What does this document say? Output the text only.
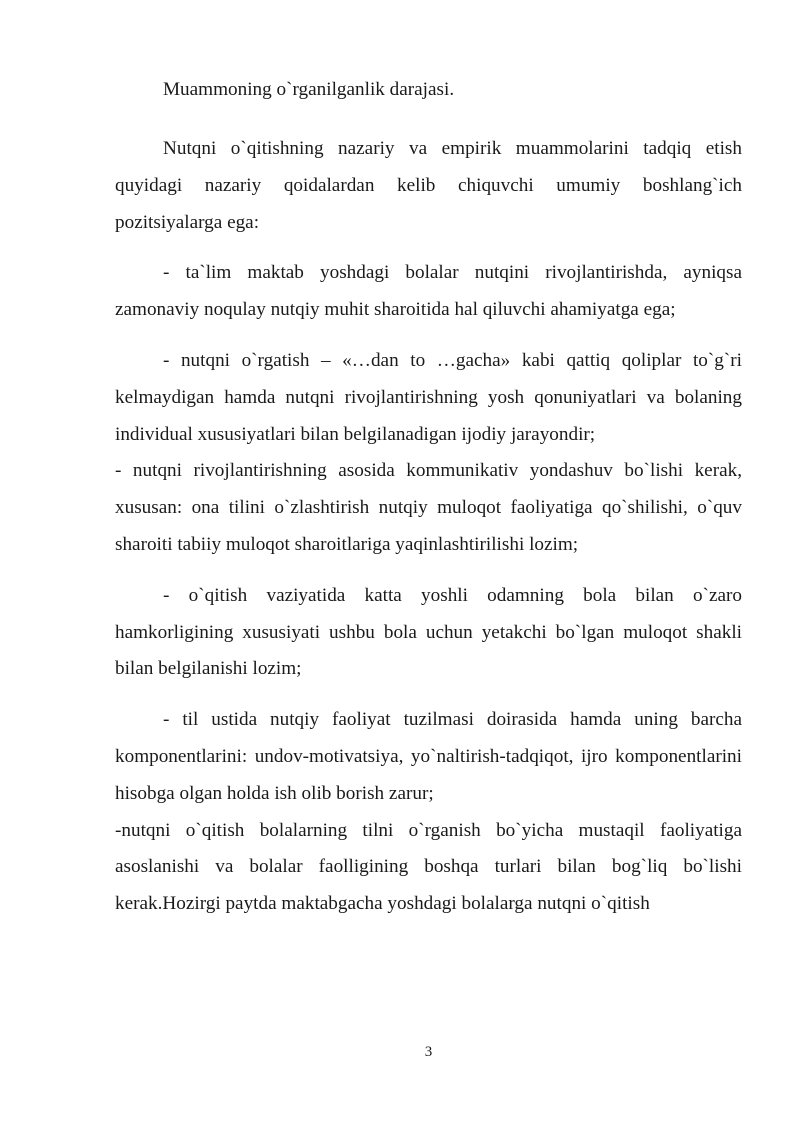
Muammoning o`rganilganlik darajasi.

Nutqni o`qitishning nazariy va empirik muammolarini tadqiq etish quyidagi nazariy qoidalardan kelib chiquvchi umumiy boshlang`ich pozitsiyalarga ega:

- ta`lim maktab yoshdagi bolalar nutqini rivojlantirishda, ayniqsa zamonaviy noqulay nutqiy muhit sharoitida hal qiluvchi ahamiyatga ega;

- nutqni o`rgatish – «…dan to …gacha» kabi qattiq qoliplar to`g`ri kelmaydigan hamda nutqni rivojlantirishning yosh qonuniyatlari va bolaning individual xususiyatlari bilan belgilanadigan ijodiy jarayondir;

- nutqni rivojlantirishning asosida kommunikativ yondashuv bo`lishi kerak, xususan: ona tilini o`zlashtirish nutqiy muloqot faoliyatiga qo`shilishi, o`quv sharoiti tabiiy muloqot sharoitlariga yaqinlashtirilishi lozim;

- o`qitish vaziyatida katta yoshli odamning bola bilan o`zaro hamkorligining xususiyati ushbu bola uchun yetakchi bo`lgan muloqot shakli bilan belgilanishi lozim;

- til ustida nutqiy faoliyat tuzilmasi doirasida hamda uning barcha komponentlarini: undov-motivatsiya, yo`naltirish-tadqiqot, ijro komponentlarini hisobga olgan holda ish olib borish zarur;

-nutqni o`qitish bolalarning tilni o`rganish bo`yicha mustaqil faoliyatiga asoslanishi va bolalar faolligining boshqa turlari bilan bog`liq bo`lishi kerak.Hozirgi paytda maktabgacha yoshdagi bolalarga nutqni o`qitish

3
